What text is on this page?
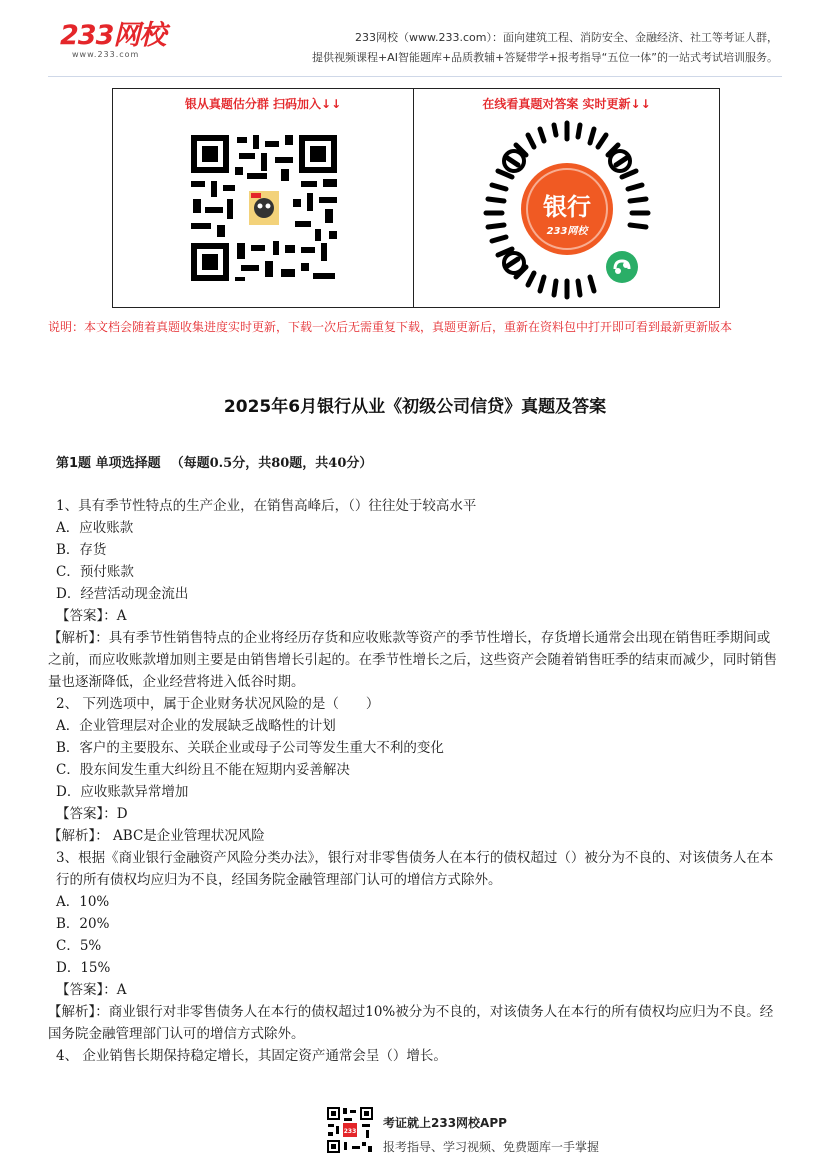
233网校
www.233.com
233网校（www.233.com）：面向建筑工程、消防安全、金融经济、社工等考证人群，
提供视频课程+AI智能题库+品质教辅+答疑带学+报考指导“五位一体”的一站式考试培训服务。
银从真题估分群 扫码加入↓↓	在线看真题对答案 实时更新↓↓
银行
233网校
说明：本文档会随着真题收集进度实时更新，下载一次后无需重复下载，真题更新后，重新在资料包中打开即可看到最新更新版本
2025年6月银行从业《初级公司信贷》真题及答案
第1题 单项选择题 （每题0.5分，共80题，共40分）
1、具有季节性特点的生产企业，在销售高峰后，（）往往处于较高水平
A．应收账款
B．存货
C．预付账款
D．经营活动现金流出
【答案】：A
【解析】：具有季节性销售特点的企业将经历存货和应收账款等资产的季节性增长，存货增长通常会出现在销售旺季期间或之前，而应收账款增加则主要是由销售增长引起的。在季节性增长之后，这些资产会随着销售旺季的结束而减少，同时销售量也逐渐降低，企业经营将进入低谷时期。
2、 下列选项中，属于企业财务状况风险的是（　　）
A．企业管理层对企业的发展缺乏战略性的计划
B．客户的主要股东、关联企业或母子公司等发生重大不利的变化
C．股东间发生重大纠纷且不能在短期内妥善解决
D．应收账款异常增加
【答案】：D
【解析】： ABC是企业管理状况风险
3、根据《商业银行金融资产风险分类办法》，银行对非零售债务人在本行的债权超过（）被分为不良的、对该债务人在本行的所有债权均应归为不良，经国务院金融管理部门认可的增信方式除外。
A．10%
B．20%
C．5%
D．15%
【答案】：A
【解析】：商业银行对非零售债务人在本行的债权超过10%被分为不良的，对该债务人在本行的所有债权均应归为不良。经国务院金融管理部门认可的增信方式除外。
4、 企业销售长期保持稳定增长，其固定资产通常会呈（）增长。
233
考证就上233网校APP
报考指导、学习视频、免费题库一手掌握
